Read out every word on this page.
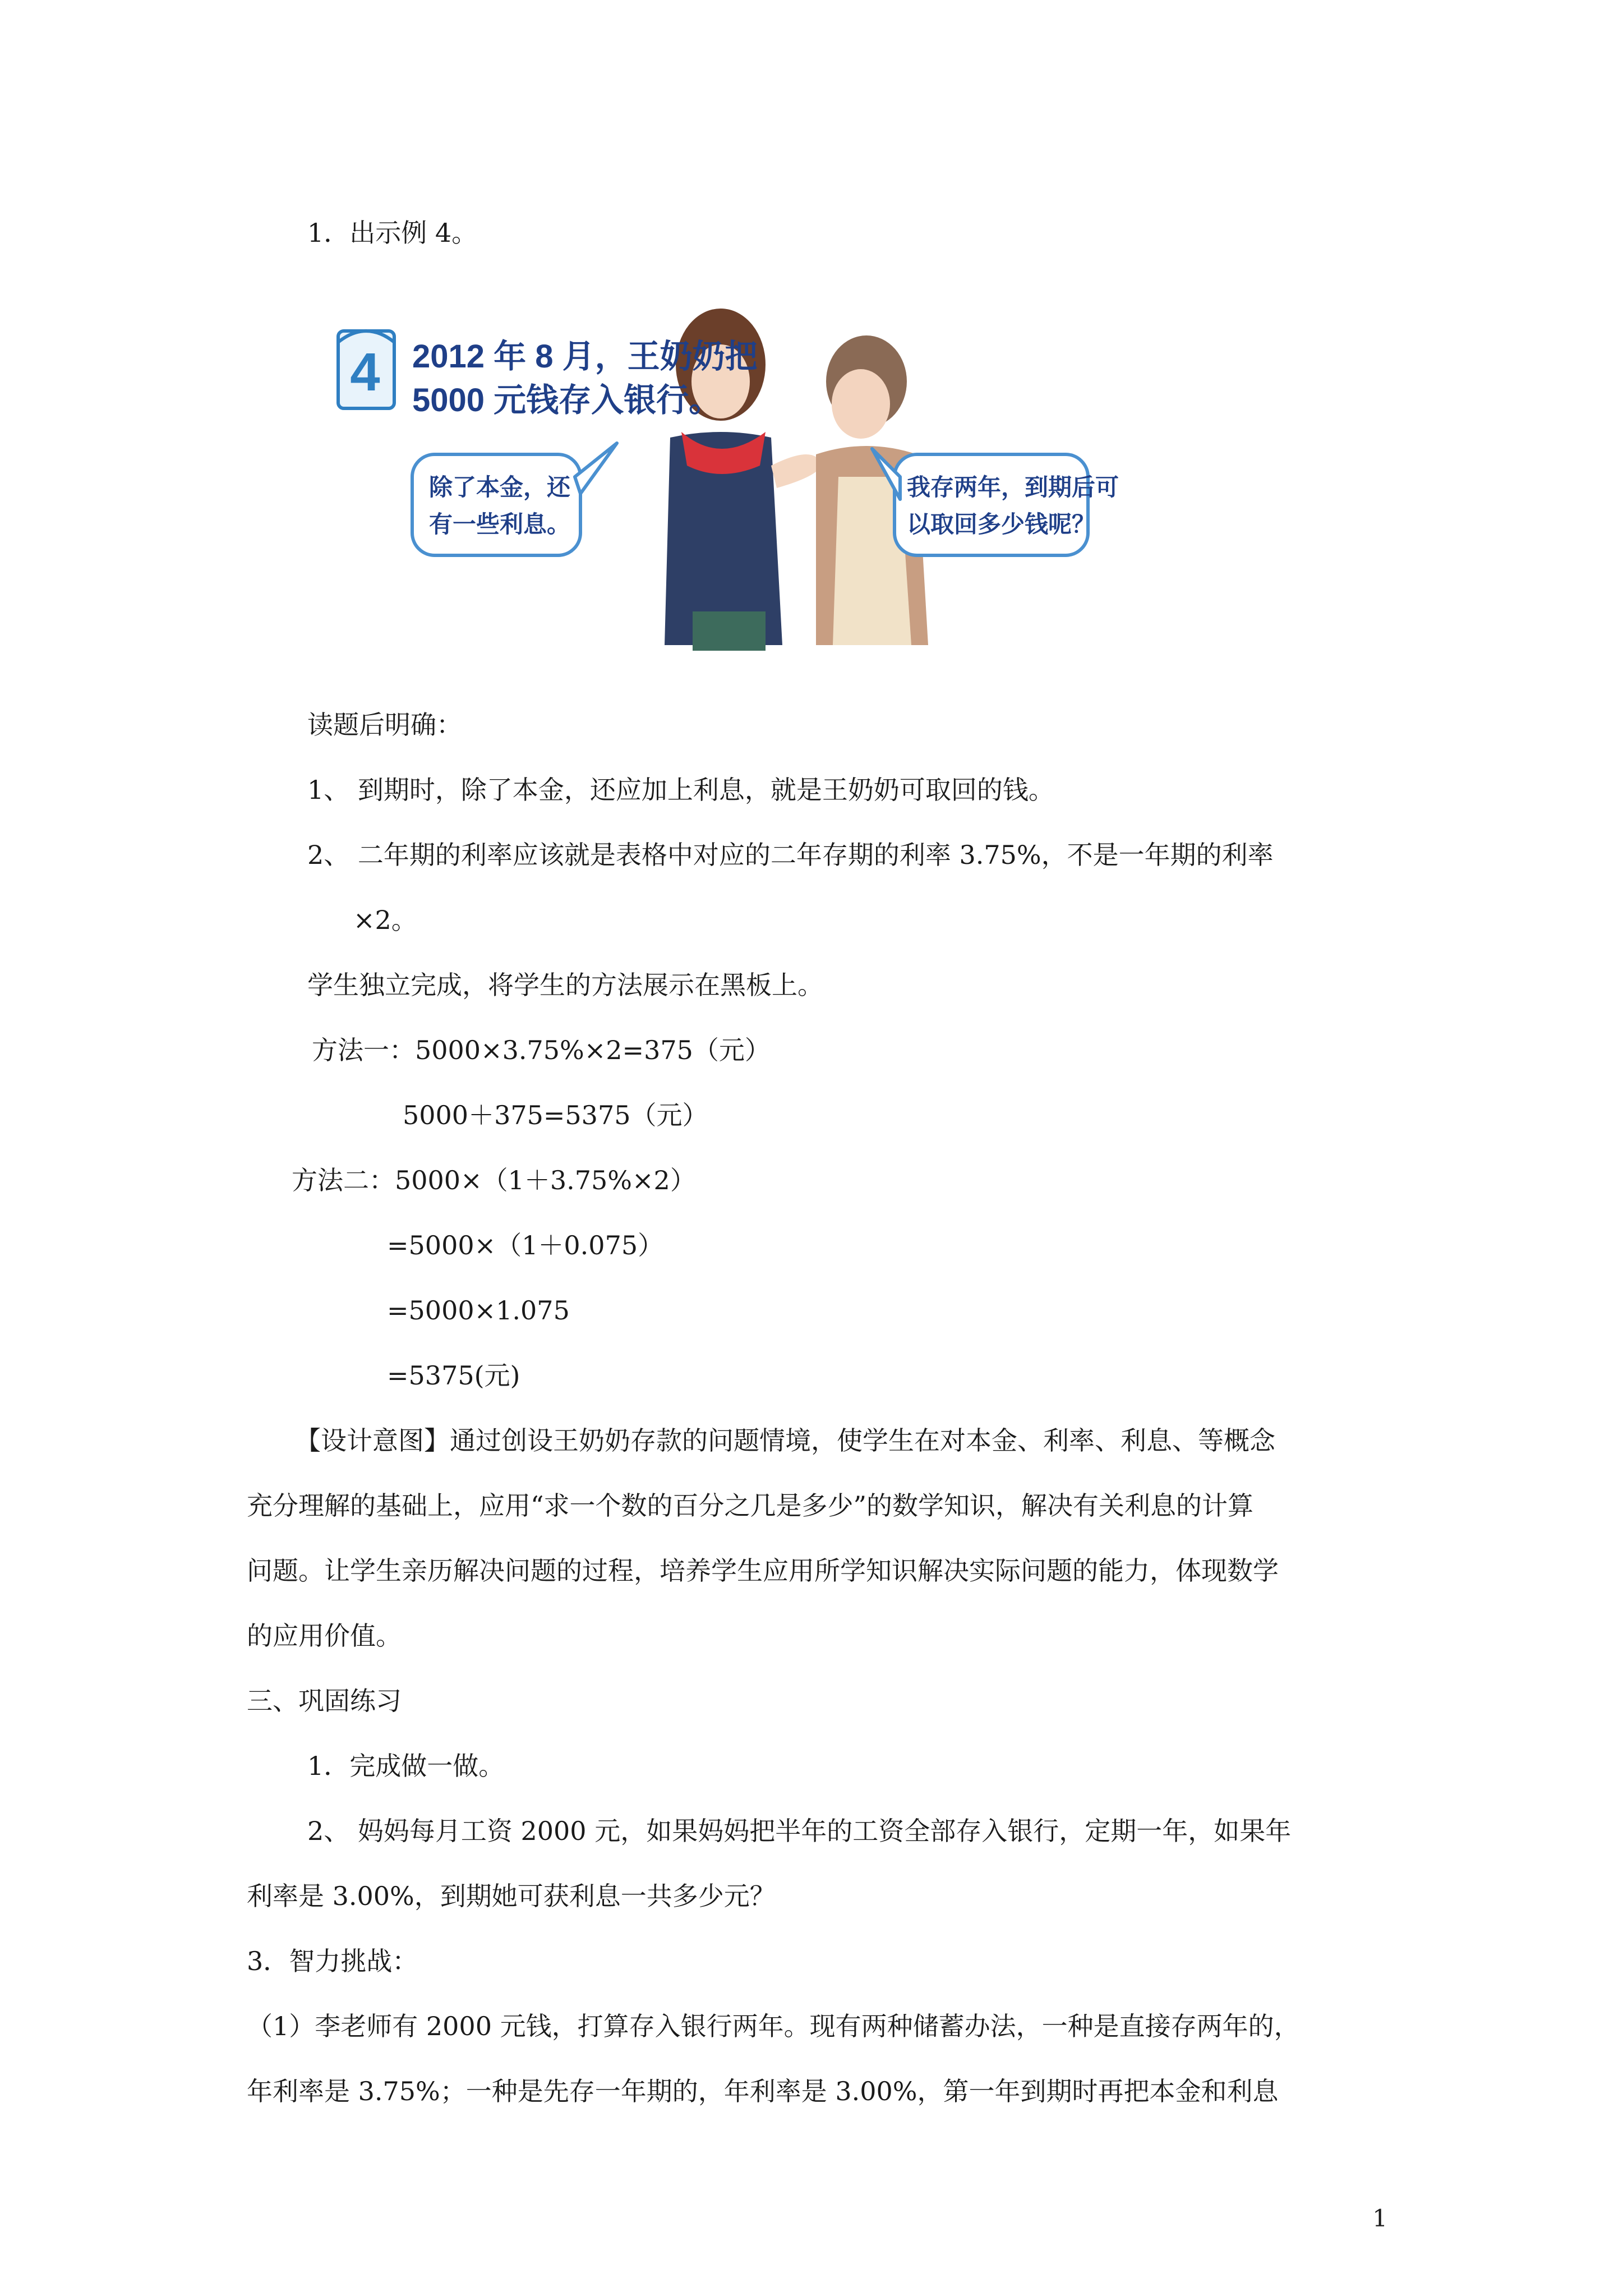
1．出示例 4。
4 2012 年 8 月，王奶奶把
5000 元钱存入银行。
除了本金，还
有一些利息。
我存两年，到期后可
以取回多少钱呢？
读题后明确：
1、 到期时，除了本金，还应加上利息，就是王奶奶可取回的钱。
2、 二年期的利率应该就是表格中对应的二年存期的利率 3.75%，不是一年期的利率
×2。
学生独立完成，将学生的方法展示在黑板上。
方法一：5000×3.75%×2=375（元）
5000＋375=5375（元）
方法二：5000×（1＋3.75%×2）
=5000×（1＋0.075）
=5000×1.075
=5375(元)
【设计意图】通过创设王奶奶存款的问题情境，使学生在对本金、利率、利息、等概念
充分理解的基础上，应用“求一个数的百分之几是多少”的数学知识，解决有关利息的计算
问题。让学生亲历解决问题的过程，培养学生应用所学知识解决实际问题的能力，体现数学
的应用价值。
三、巩固练习
1．完成做一做。
2、 妈妈每月工资 2000 元，如果妈妈把半年的工资全部存入银行，定期一年，如果年
利率是 3.00%，到期她可获利息一共多少元？
3．智力挑战：
（1）李老师有 2000 元钱，打算存入银行两年。现有两种储蓄办法，一种是直接存两年的，
年利率是 3.75%；一种是先存一年期的，年利率是 3.00%，第一年到期时再把本金和利息
1
